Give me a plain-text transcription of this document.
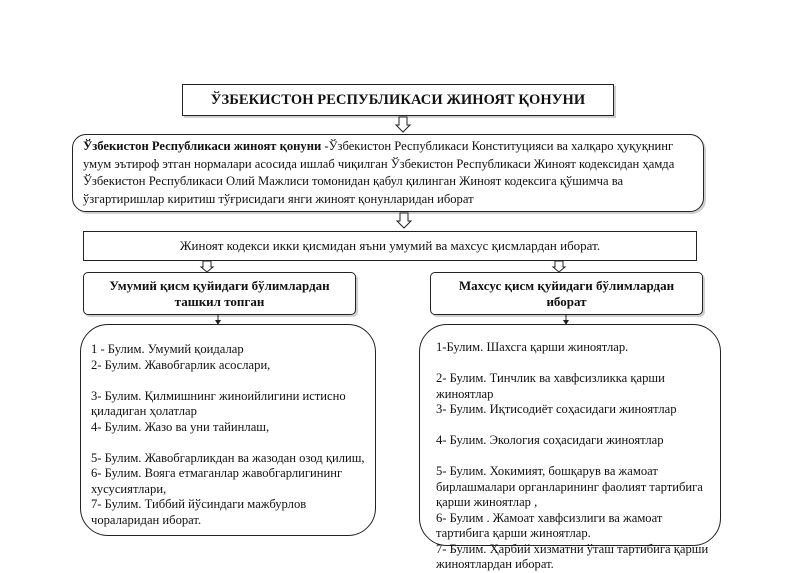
ЎЗБЕКИСТОН РЕСПУБЛИКАСИ ЖИНОЯТ ҚОНУНИ

Ўзбекистон Республикаси жиноят қонуни -Ўзбекистон Республикаси Конституцияси ва халқаро ҳуқуқнинг умум эътироф этган нормалари асосида ишлаб чиқилган Ўзбекистон Республикаси Жиноят кодексидан ҳамда Ўзбекистон Республикаси Олий Мажлиси томонидан қабул қилинган Жиноят кодексига қўшимча ва ўзгартиришлар киритиш тўғрисидаги янги жиноят қонунларидан иборат

Жиноят кодекси икки қисмидан яъни умумий ва махсус қисмлардан иборат.
Умумий қисм қуйидаги бўлимлардан ташкил топган
Махсус қисм қуйидаги бўлимлардан иборат

1 - Булим. Умумий қоидалар

2- Булим. Жавобгарлик асослари,

3- Булим. Қилмишнинг жиноийлигини истисно қиладиган ҳолатлар

4- Булим. Жазо ва уни тайинлаш,

5- Булим. Жавобгарликдан ва жазодан озод қилиш,

6- Булим. Вояга етмаганлар жавобгарлигининг хусусиятлари,

7- Булим. Тиббий йўсиндаги мажбурлов чораларидан иборат.

1-Булим. Шахсга қарши жиноятлар.

2- Булим. Тинчлик ва хавфсизликка қарши жиноятлар

3- Булим. Иқтисодиёт соҳасидаги жиноятлар

4- Булим. Экология соҳасидаги жиноятлар

5- Булим. Хокимият, бошқарув ва жамоат бирлашмалари органларининг фаолият тартибига қарши жиноятлар ,

6- Булим . Жамоат хавфсизлиги ва жамоат тартибига қарши жиноятлар.

7- Булим. Ҳарбий хизматни ўташ тартибига қарши жиноятлардан иборат.
